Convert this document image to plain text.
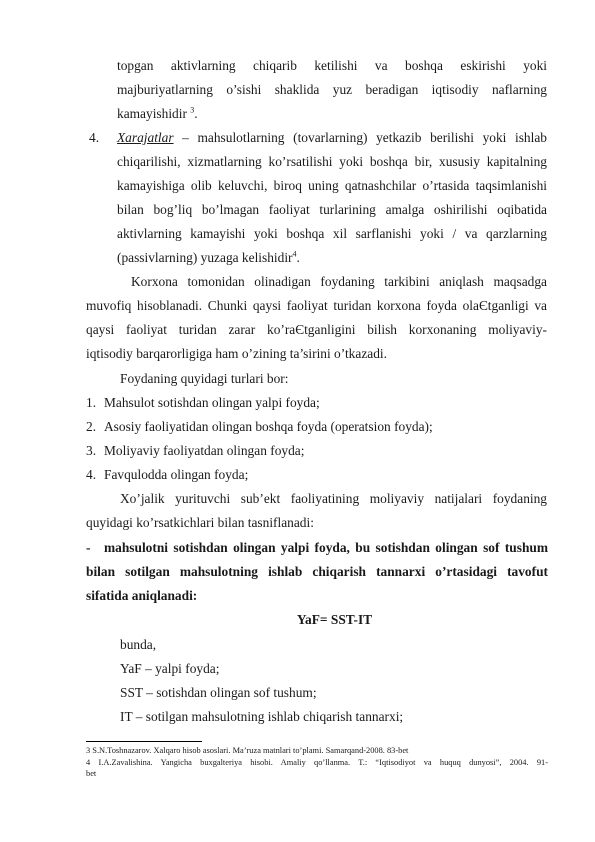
topgan aktivlarning chiqarib ketilishi va boshqa eskirishi yoki
majburiyatlarning o’sishi shaklida yuz beradigan iqtisodiy naflarning
kamayishidir $^3$.
4. Xarajatlar – mahsulotlarning (tovarlarning) yetkazib berilishi yoki ishlab
chiqarilishi, xizmatlarning ko’rsatilishi yoki boshqa bir, xususiy kapitalning
kamayishiga olib keluvchi, biroq uning qatnashchilar o’rtasida taqsimlanishi
bilan bog’liq bo’lmagan faoliyat turlarining amalga oshirilishi oqibatida
aktivlarning kamayishi yoki boshqa xil sarflanishi yoki / va qarzlarning
(passivlarning) yuzaga kelishidir$^4$.
Korxona tomonidan olinadigan foydaning tarkibini aniqlash maqsadga
muvofiq hisoblanadi. Chunki qaysi faoliyat turidan korxona foyda olaЄtganligi va
qaysi faoliyat turidan zarar ko’raЄtganligini bilish korxonaning moliyaviy-
iqtisodiy barqarorligiga ham o’zining ta’sirini o’tkazadi.
Foydaning quyidagi turlari bor:
1. Mahsulot sotishdan olingan yalpi foyda;
2. Asosiy faoliyatidan olingan boshqa foyda (operatsion foyda);
3. Moliyaviy faoliyatdan olingan foyda;
4. Favqulodda olingan foyda;
Xo’jalik yurituvchi sub’ekt faoliyatining moliyaviy natijalari foydaning
quyidagi ko’rsatkichlari bilan tasniflanadi:
- mahsulotni sotishdan olingan yalpi foyda, bu sotishdan olingan sof tushum
bilan sotilgan mahsulotning ishlab chiqarish tannarxi o’rtasidagi tavofut
sifatida aniqlanadi:
YaF= SST-IT
bunda,
YaF – yalpi foyda;
SST – sotishdan olingan sof tushum;
IT – sotilgan mahsulotning ishlab chiqarish tannarxi;
3 S.N.Toshnazarov. Xalqaro hisob asoslari. Ma’ruza matnlari to’plami. Samarqand-2008. 83-bet
4 I.A.Zavalishina. Yangicha buxgalteriya hisobi. Amaliy qo’llanma. T.: “Iqtisodiyot va huquq dunyosi”, 2004. 91-
bet
